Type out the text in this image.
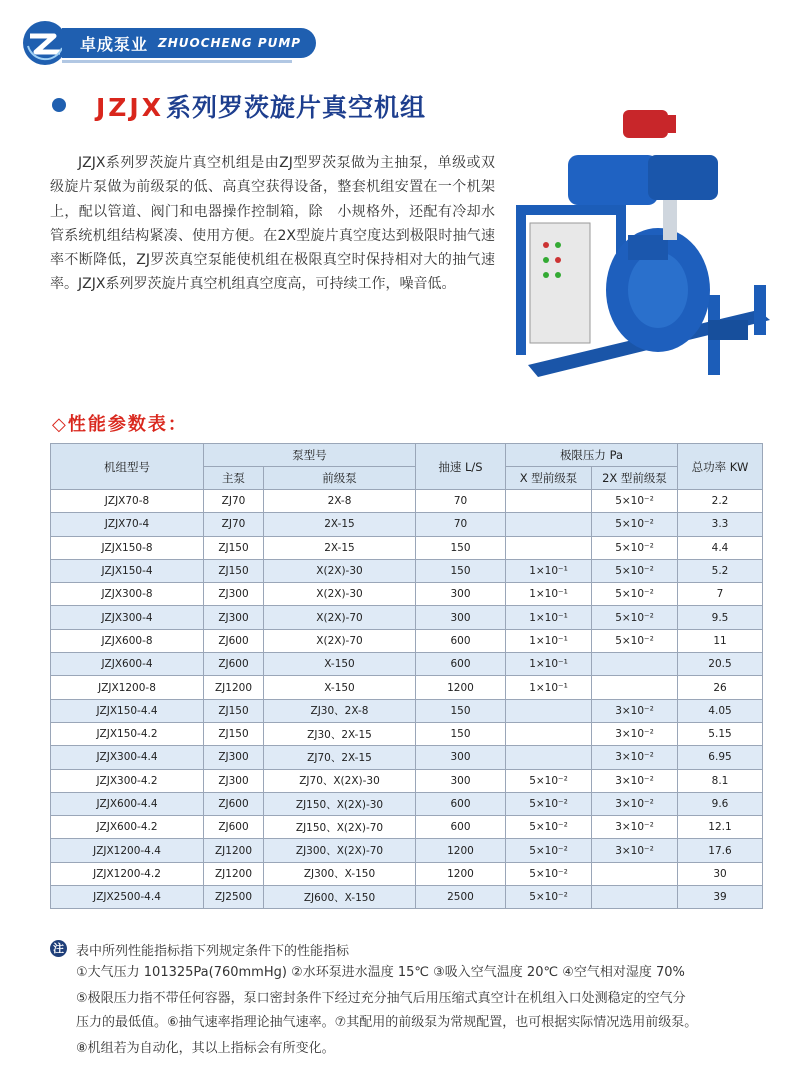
卓成泵业 ZHUOCHENG PUMP
JZJX系列罗茨旋片真空机组
JZJX系列罗茨旋片真空机组是由ZJ型罗茨泵做为主抽泵，单级或双级旋片泵做为前级泵的低、高真空获得设备，整套机组安置在一个机架上，配以管道、阀门和电器操作控制箱，除　小规格外，还配有冷却水管系统机组结构紧凑、使用方便。在2X型旋片真空度达到极限时抽气速率不断降低，ZJ罗茨真空泵能使机组在极限真空时保持相对大的抽气速率。JZJX系列罗茨旋片真空机组真空度高，可持续工作，噪音低。
◇性能参数表：
机组型号	泵型号		抽速 L/S	极限压力 Pa		总功率 KW
	主泵	前级泵		X 型前级泵	2X 型前级泵	
JZJX70-8	ZJ70	2X-8	70		5×10⁻²	2.2
JZJX70-4	ZJ70	2X-15	70		5×10⁻²	3.3
JZJX150-8	ZJ150	2X-15	150		5×10⁻²	4.4
JZJX150-4	ZJ150	X(2X)-30	150	1×10⁻¹	5×10⁻²	5.2
JZJX300-8	ZJ300	X(2X)-30	300	1×10⁻¹	5×10⁻²	7
JZJX300-4	ZJ300	X(2X)-70	300	1×10⁻¹	5×10⁻²	9.5
JZJX600-8	ZJ600	X(2X)-70	600	1×10⁻¹	5×10⁻²	11
JZJX600-4	ZJ600	X-150	600	1×10⁻¹		20.5
JZJX1200-8	ZJ1200	X-150	1200	1×10⁻¹		26
JZJX150-4.4	ZJ150	ZJ30、2X-8	150		3×10⁻²	4.05
JZJX150-4.2	ZJ150	ZJ30、2X-15	150		3×10⁻²	5.15
JZJX300-4.4	ZJ300	ZJ70、2X-15	300		3×10⁻²	6.95
JZJX300-4.2	ZJ300	ZJ70、X(2X)-30	300	5×10⁻²	3×10⁻²	8.1
JZJX600-4.4	ZJ600	ZJ150、X(2X)-30	600	5×10⁻²	3×10⁻²	9.6
JZJX600-4.2	ZJ600	ZJ150、X(2X)-70	600	5×10⁻²	3×10⁻²	12.1
JZJX1200-4.4	ZJ1200	ZJ300、X(2X)-70	1200	5×10⁻²	3×10⁻²	17.6
JZJX1200-4.2	ZJ1200	ZJ300、X-150	1200	5×10⁻²		30
JZJX2500-4.4	ZJ2500	ZJ600、X-150	2500	5×10⁻²		39
注 表中所列性能指标指下列规定条件下的性能指标
①大气压力 101325Pa(760mmHg) ②水环泵进水温度 15℃ ③吸入空气温度 20℃ ④空气相对湿度 70%
⑤极限压力指不带任何容器，泵口密封条件下经过充分抽气后用压缩式真空计在机组入口处测稳定的空气分
压力的最低值。⑥抽气速率指理论抽气速率。⑦其配用的前级泵为常规配置，也可根据实际情况选用前级泵。
⑧机组若为自动化，其以上指标会有所变化。
